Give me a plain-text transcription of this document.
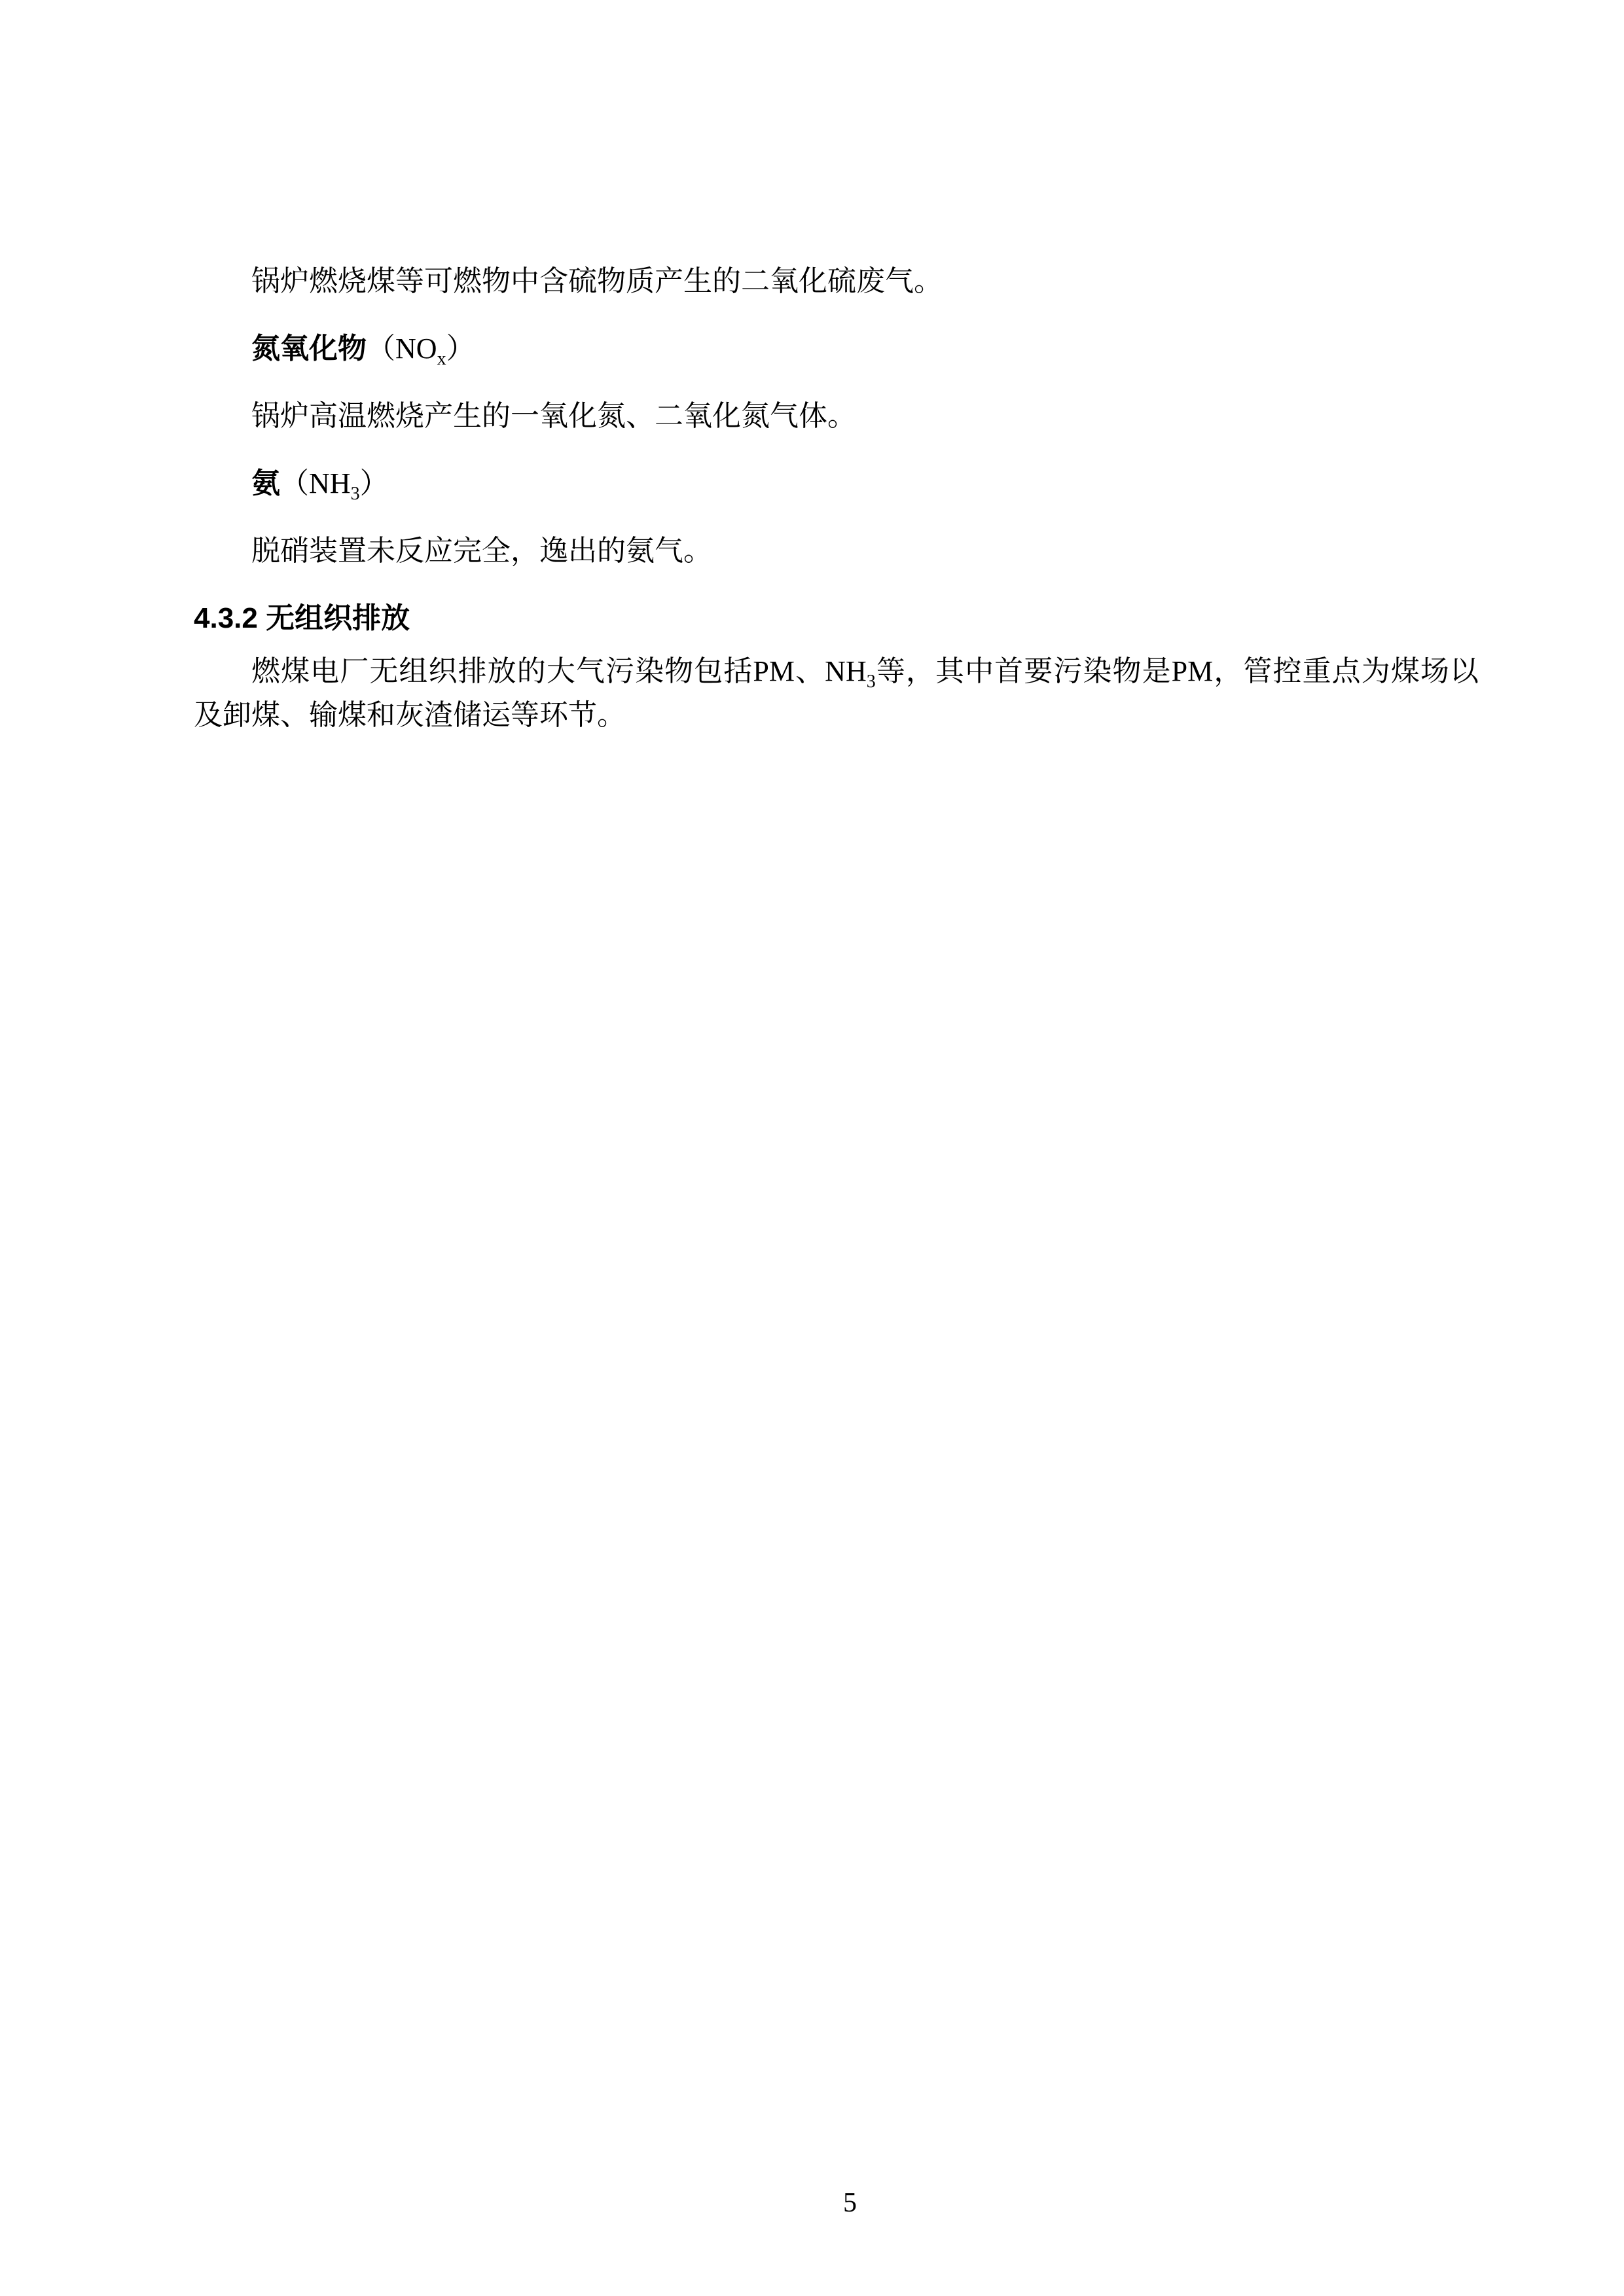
锅炉燃烧煤等可燃物中含硫物质产生的二氧化硫废气。

氮氧化物$(NO_x)$

锅炉高温燃烧产生的一氧化氮、二氧化氮气体。

氨$(NH_3)$

脱硝装置未反应完全，逸出的氨气。

4.3.2 无组织排放

燃煤电厂无组织排放的大气污染物包括PM、$NH_3$等，其中首要污染物是PM，管控重点为煤场以及卸煤、输煤和灰渣储运等环节。

5
